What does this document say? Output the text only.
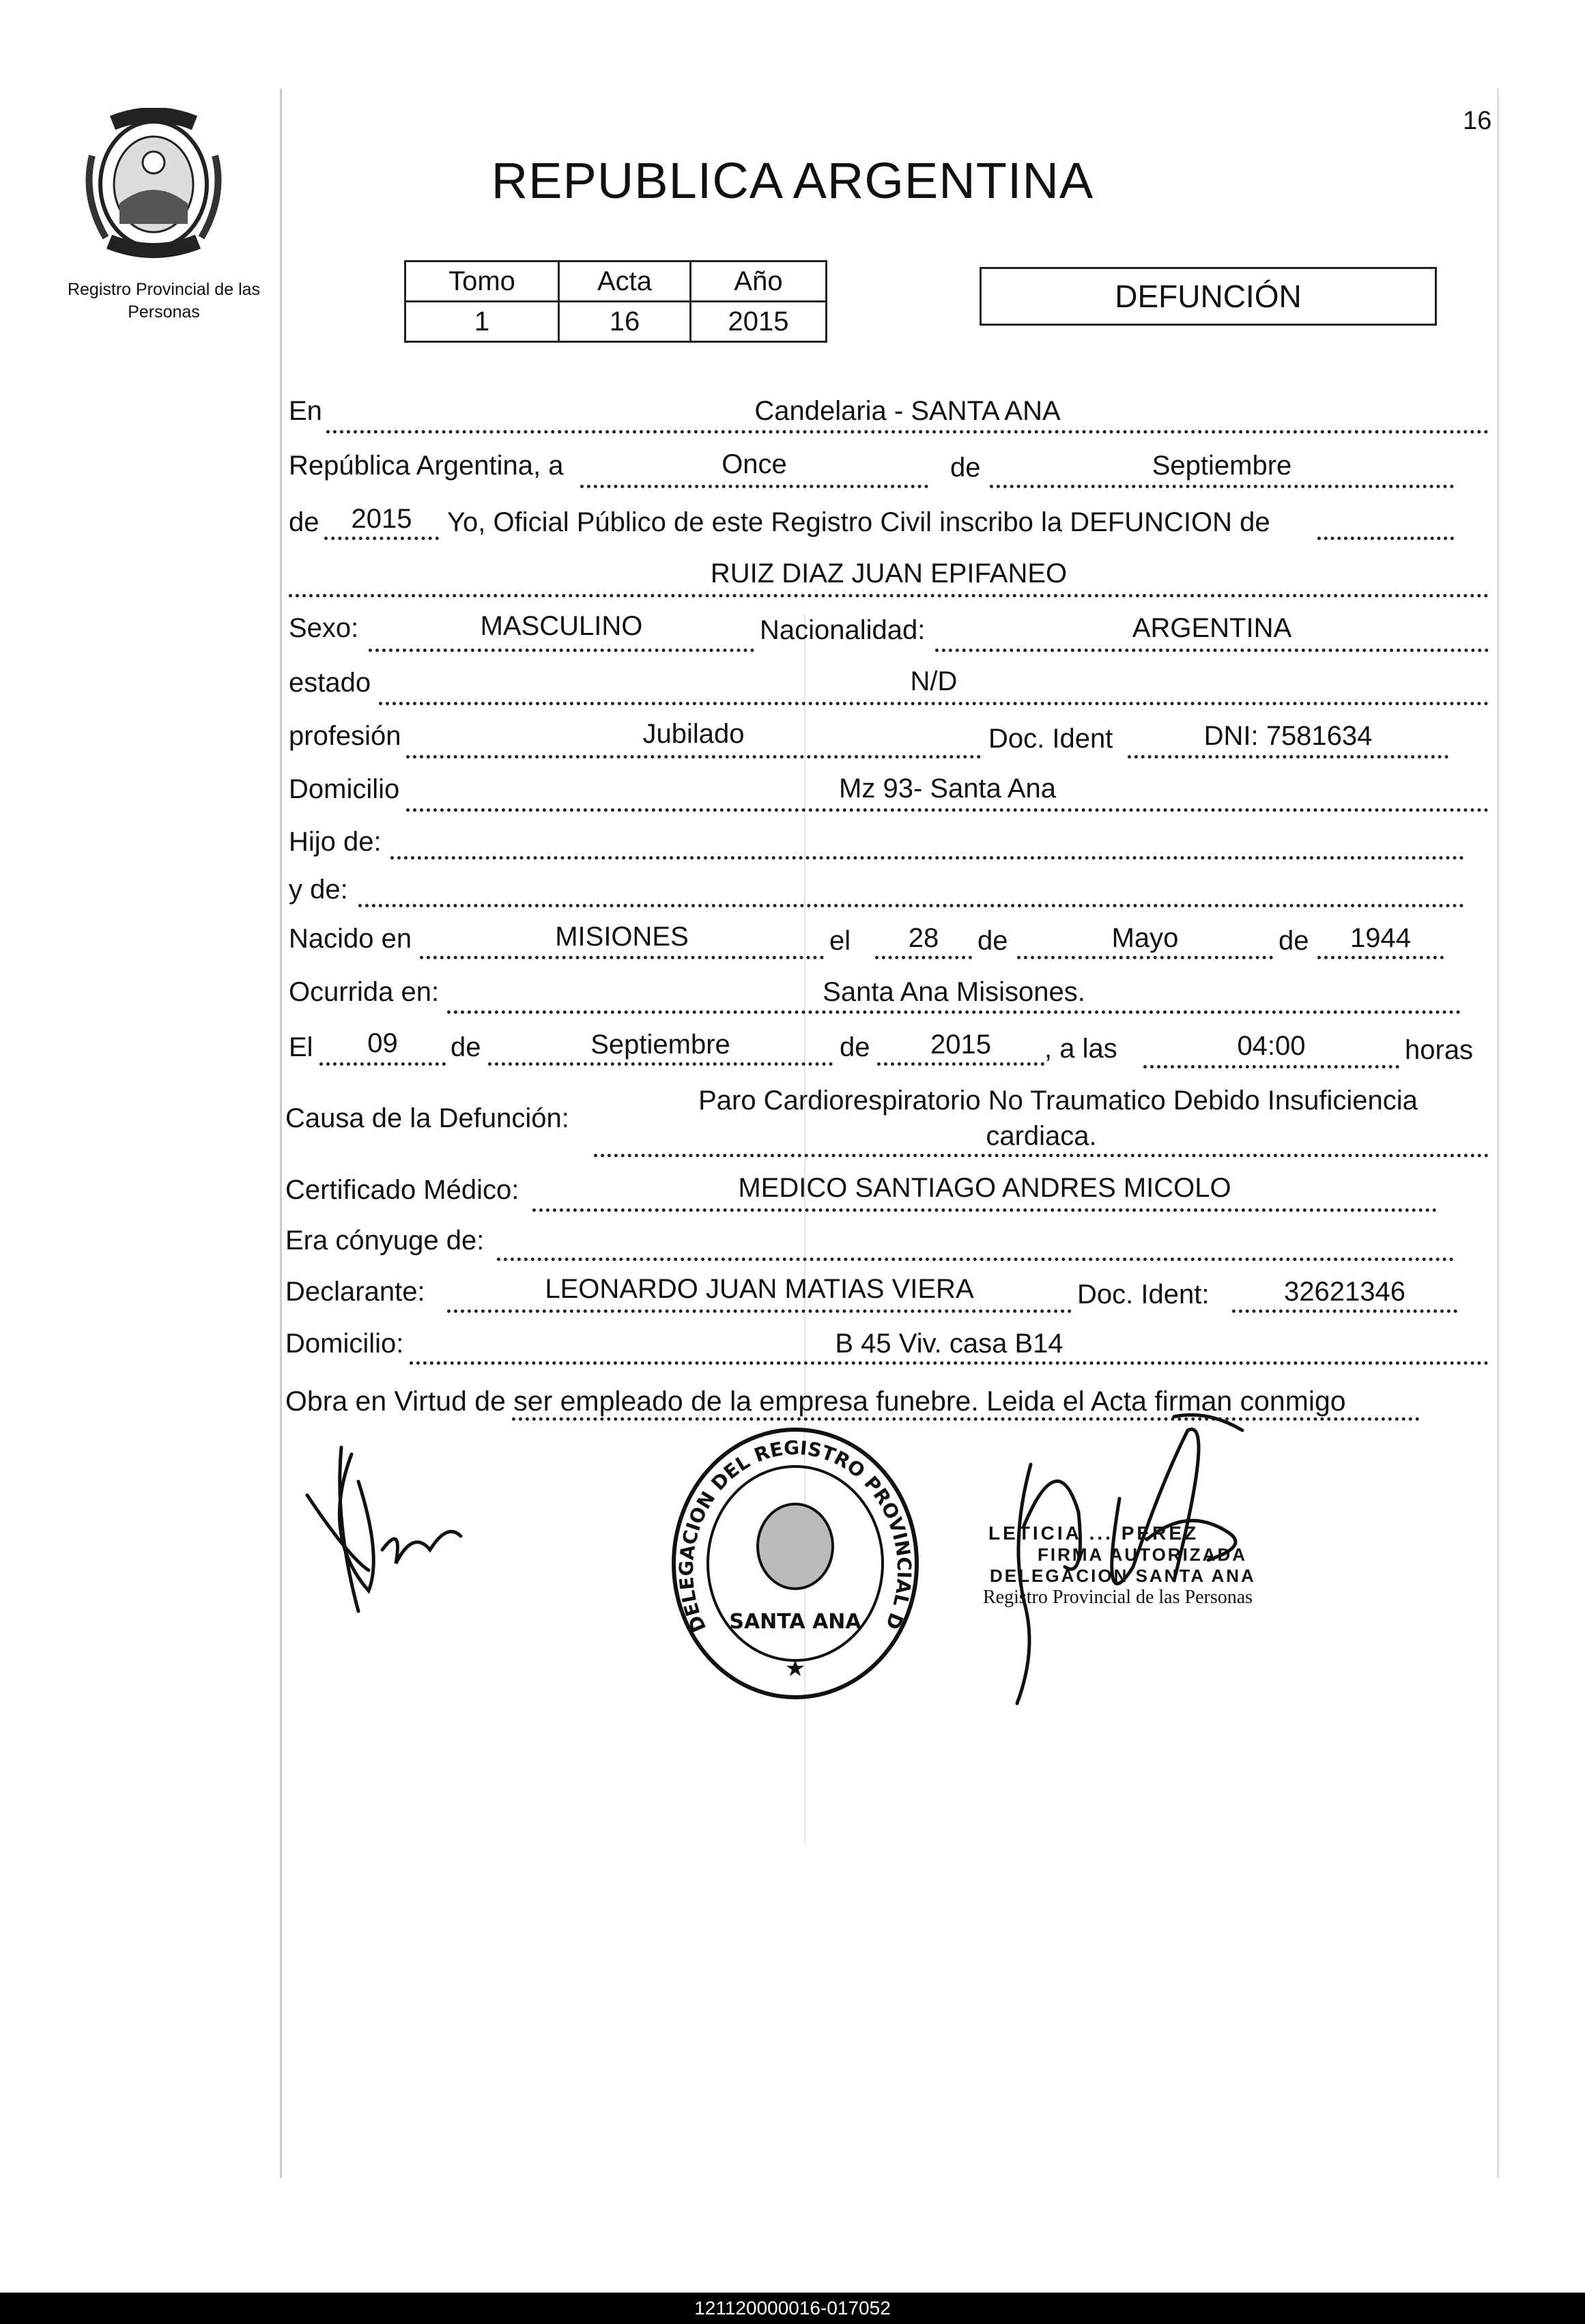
16
Registro Provincial de las Personas
REPUBLICA ARGENTINA
Tomo	Acta	Año
1	16	2015
DEFUNCIÓN
En	Candelaria - SANTA ANA
República Argentina, a	Once	de	Septiembre
de	2015	Yo, Oficial Público de este Registro Civil inscribo la DEFUNCION de
RUIZ DIAZ JUAN EPIFANEO
Sexo:	MASCULINO	Nacionalidad:	ARGENTINA
estado	N/D
profesión	Jubilado	Doc. Ident	DNI: 7581634
Domicilio	Mz 93- Santa Ana
Hijo de:
y de:
Nacido en	MISIONES	el	28	de	Mayo	de	1944
Ocurrida en:	Santa Ana Misisones.
El	09	de	Septiembre	de	2015	, a las	04:00	horas
Causa de la Defunción:
Paro Cardiorespiratorio No Traumatico Debido Insuficiencia
cardiaca.
Certificado Médico:	MEDICO SANTIAGO ANDRES MICOLO
Era cónyuge de:
Declarante:	LEONARDO JUAN MATIAS VIERA	Doc. Ident:	32621346
Domicilio:	B 45 Viv. casa B14
Obra en Virtud de ser empleado de la empresa funebre. Leida el Acta firman conmigo
DELEGACION DEL REGISTRO PROVINCIAL D
SANTA ANA
★
LETICIA ... PEREZ
FIRMA AUTORIZADA
DELEGACION SANTA ANA
Registro Provincial de las Personas
121120000016-017052
